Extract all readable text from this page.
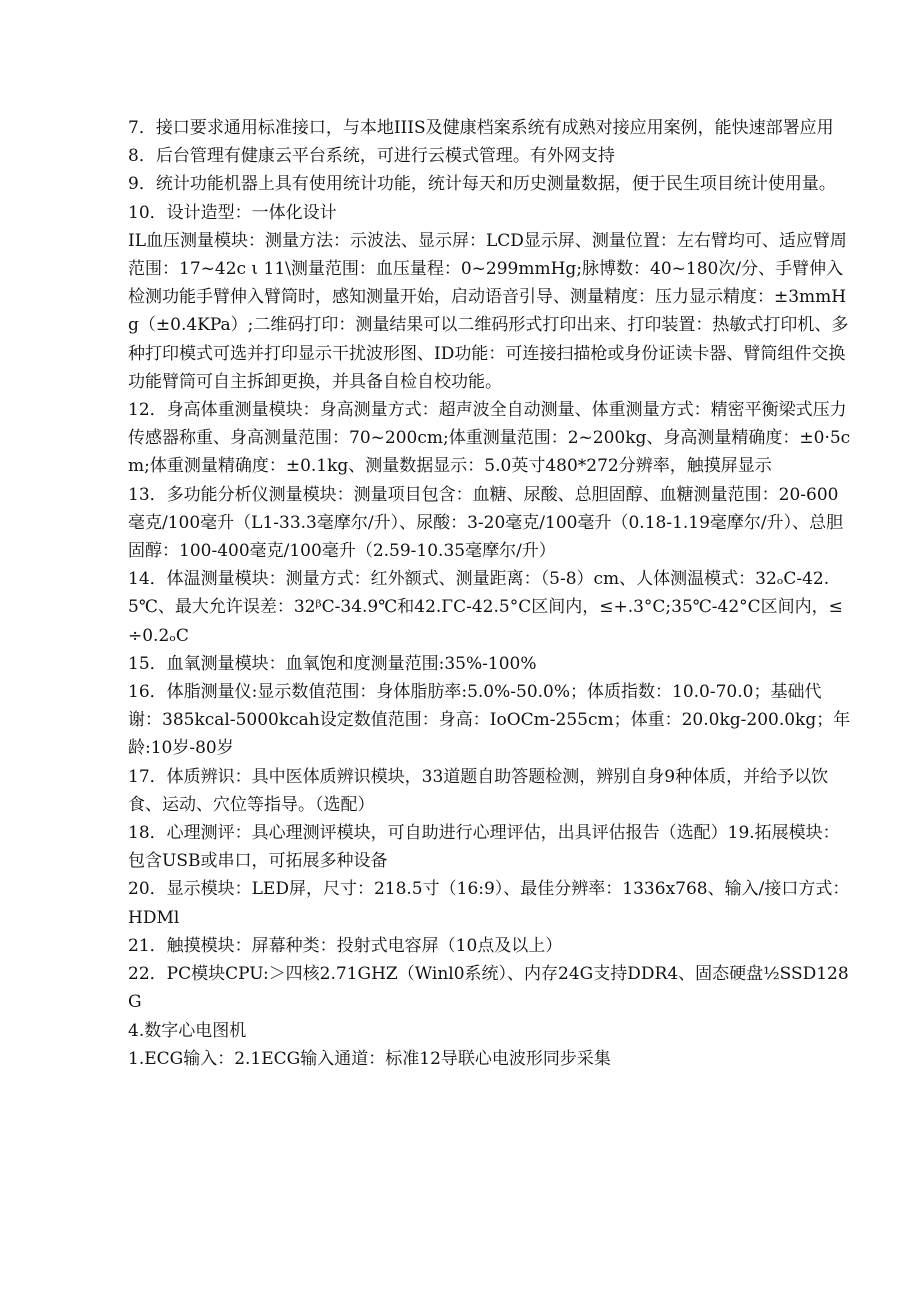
7．接口要求通用标准接口，与本地IIIS及健康档案系统有成熟对接应用案例，能快速部署应用

8．后台管理有健康云平台系统，可进行云模式管理。有外网支持

9．统计功能机器上具有使用统计功能，统计每天和历史测量数据，便于民生项目统计使用量。

10．设计造型：一体化设计

IL血压测量模块：测量方法：示波法、显示屏：LCD显示屏、测量位置：左右臂均可、适应臂周范围：17~42c ι 11\测量范围：血压量程：0~299mmHg;脉博数：40~180次/分、手臂伸入检测功能手臂伸入臂筒时，感知测量开始，启动语音引导、测量精度：压力显示精度：±3mmHg（±0.4KPa）;二维码打印：测量结果可以二维码形式打印出来、打印装置：热敏式打印机、多种打印模式可选并打印显示干扰波形图、ID功能：可连接扫描枪或身份证读卡器、臂筒组件交换功能臂筒可自主拆卸更换，并具备自检自校功能。

12．身高体重测量模块：身高测量方式：超声波全自动测量、体重测量方式：精密平衡梁式压力传感器称重、身高测量范围：70~200cm;体重测量范围：2~200kg、身高测量精确度：±0·5cm;体重测量精确度：±0.1kg、测量数据显示：5.0英寸480*272分辨率，触摸屏显示

13．多功能分析仪测量模块：测量项目包含：血糖、尿酸、总胆固醇、血糖测量范围：20-600毫克/100毫升（L1-33.3毫摩尔/升）、尿酸：3-20毫克/100毫升（0.18-1.19毫摩尔/升）、总胆固醇：100-400毫克/100毫升（2.59-10.35毫摩尔/升）

14．体温测量模块：测量方式：红外额式、测量距离：（5-8）cm、人体测温模式：32ₒC-42.5℃、最大允许误差：32ᵝC-34.9℃和42.ΓC-42.5°C区间内，≤+.3°C;35℃-42°C区间内，≤÷0.2ₒC

15．血氧测量模块：血氧饱和度测量范围:35%-100%

16．体脂测量仪:显示数值范围：身体脂肪率:5.0%-50.0%；体质指数：10.0-70.0；基础代谢：385kcal-5000kcah设定数值范围：身高：IoOCm-255cm；体重：20.0kg-200.0kg；年龄:10岁-80岁

17．体质辨识：具中医体质辨识模块，33道题自助答题检测，辨别自身9种体质，并给予以饮食、运动、穴位等指导。（选配）

18．心理测评：具心理测评模块，可自助进行心理评估，出具评估报告（选配）19.拓展模块：包含USB或串口，可拓展多种设备

20．显示模块：LED屏，尺寸：218.5寸（16:9）、最佳分辨率：1336x768、输入/接口方式：HDMl

21．触摸模块：屏幕种类：投射式电容屏（10点及以上）

22．PC模块CPU:＞四核2.71GHZ（Winl0系统）、内存24G支持DDR4、固态硬盘½SSD128G

4.数字心电图机

1.ECG输入：2.1ECG输入通道：标准12导联心电波形同步采集
